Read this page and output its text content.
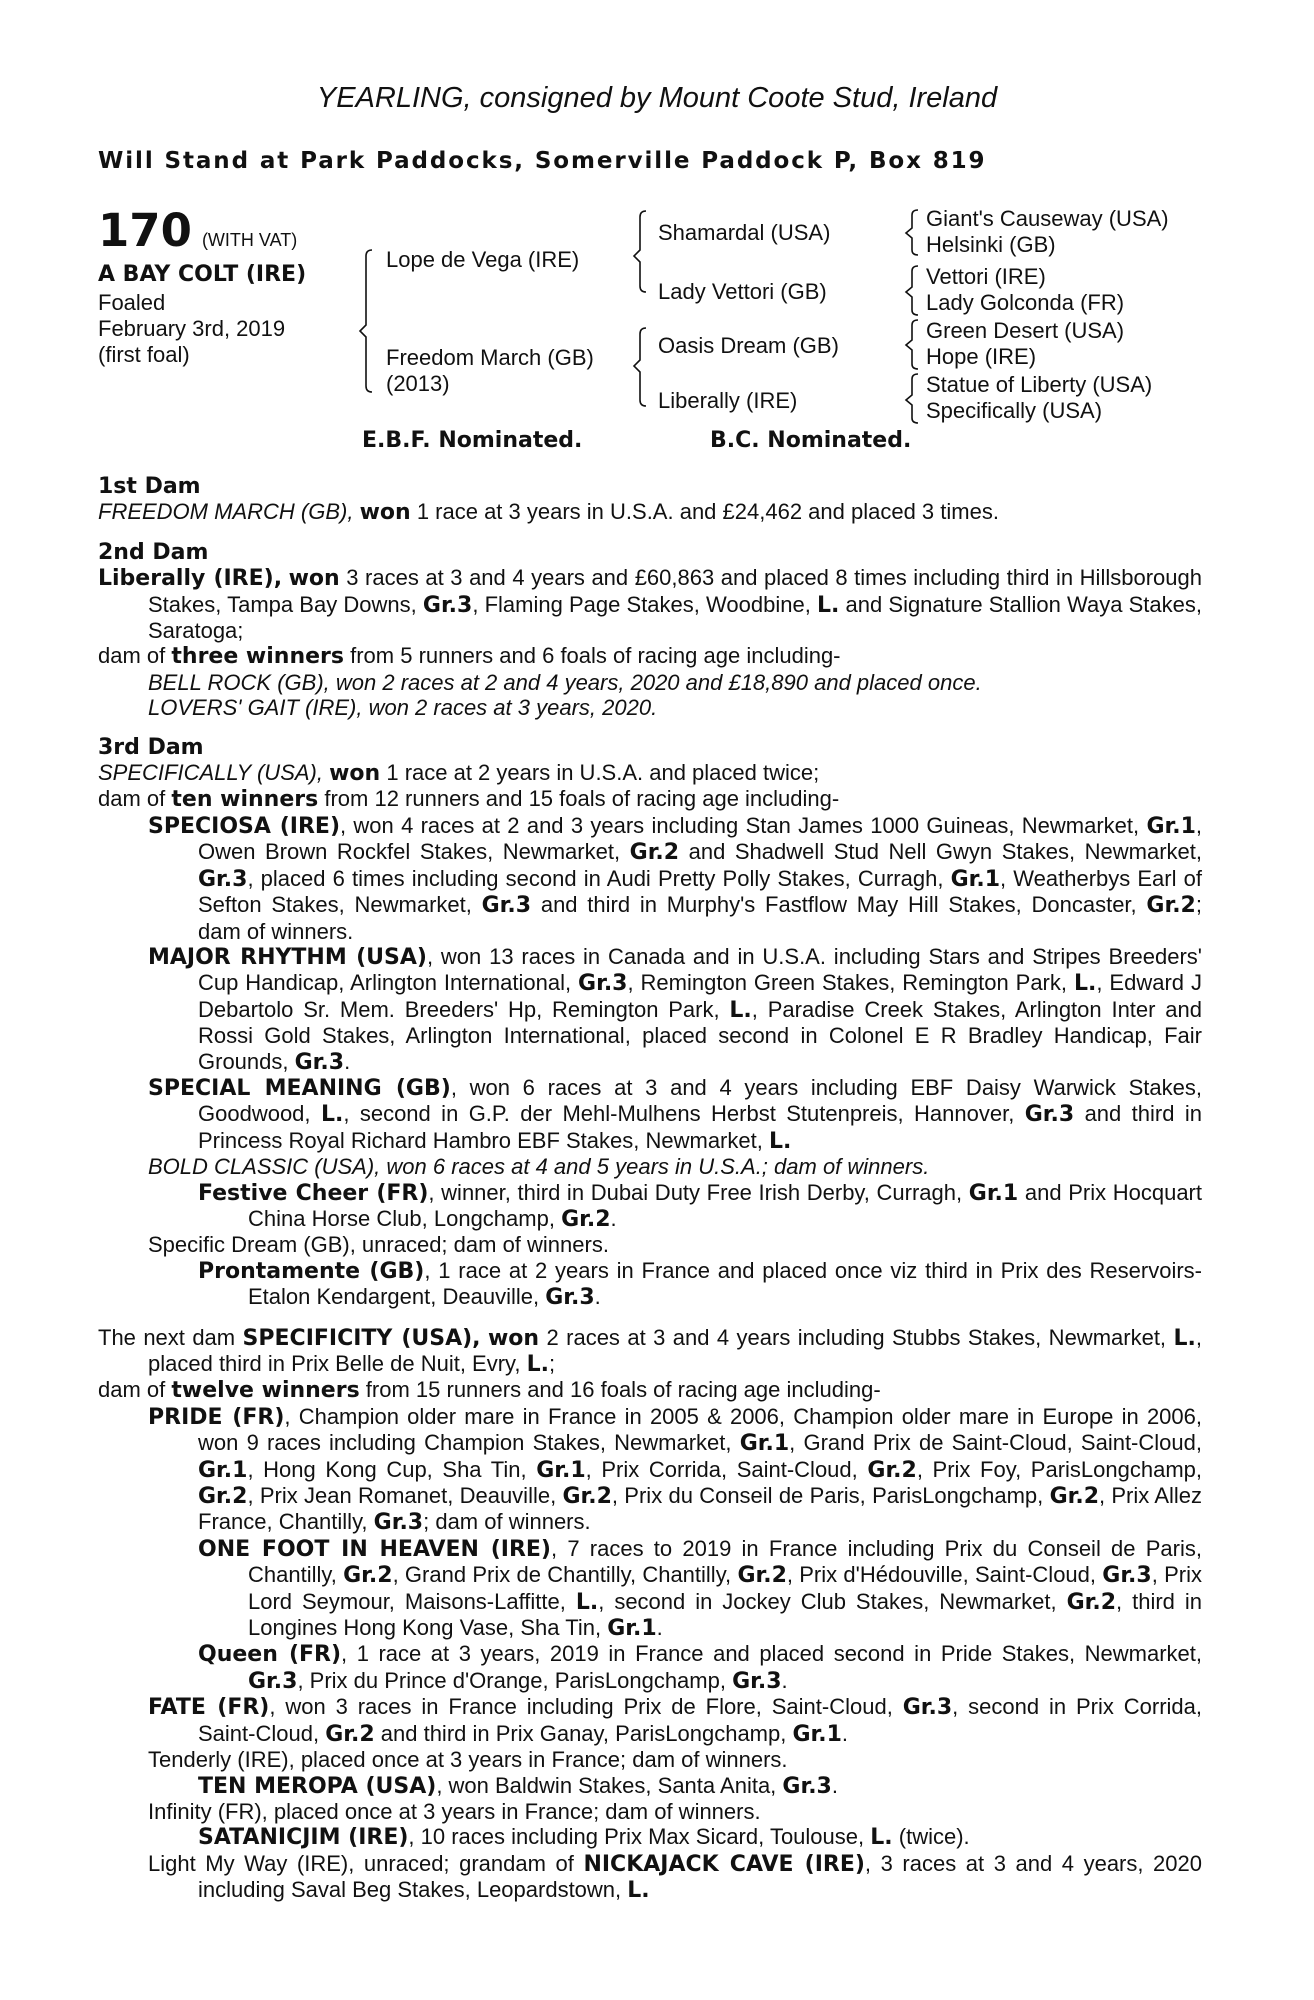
YEARLING, consigned by Mount Coote Stud, Ireland
Will Stand at Park Paddocks, Somerville Paddock P, Box 819
170 (WITH VAT)
A BAY COLT (IRE)
Foaled
February 3rd, 2019
(first foal)
Lope de Vega (IRE)
Freedom March (GB)
(2013)
Shamardal (USA)
Lady Vettori (GB)
Oasis Dream (GB)
Liberally (IRE)
Giant's Causeway (USA)
Helsinki (GB)
Vettori (IRE)
Lady Golconda (FR)
Green Desert (USA)
Hope (IRE)
Statue of Liberty (USA)
Specifically (USA)
E.B.F. Nominated.	B.C. Nominated.
1st Dam
FREEDOM MARCH (GB), won 1 race at 3 years in U.S.A. and £24,462 and placed 3 times.
2nd Dam
Liberally (IRE), won 3 races at 3 and 4 years and £60,863 and placed 8 times including third in Hillsborough Stakes, Tampa Bay Downs, Gr.3, Flaming Page Stakes, Woodbine, L. and Signature Stallion Waya Stakes, Saratoga;
dam of three winners from 5 runners and 6 foals of racing age including-
BELL ROCK (GB), won 2 races at 2 and 4 years, 2020 and £18,890 and placed once.
LOVERS' GAIT (IRE), won 2 races at 3 years, 2020.
3rd Dam
SPECIFICALLY (USA), won 1 race at 2 years in U.S.A. and placed twice;
dam of ten winners from 12 runners and 15 foals of racing age including-
SPECIOSA (IRE), won 4 races at 2 and 3 years including Stan James 1000 Guineas, Newmarket, Gr.1, Owen Brown Rockfel Stakes, Newmarket, Gr.2 and Shadwell Stud Nell Gwyn Stakes, Newmarket, Gr.3, placed 6 times including second in Audi Pretty Polly Stakes, Curragh, Gr.1, Weatherbys Earl of Sefton Stakes, Newmarket, Gr.3 and third in Murphy's Fastflow May Hill Stakes, Doncaster, Gr.2; dam of winners.
MAJOR RHYTHM (USA), won 13 races in Canada and in U.S.A. including Stars and Stripes Breeders' Cup Handicap, Arlington International, Gr.3, Remington Green Stakes, Remington Park, L., Edward J Debartolo Sr. Mem. Breeders' Hp, Remington Park, L., Paradise Creek Stakes, Arlington Inter and Rossi Gold Stakes, Arlington International, placed second in Colonel E R Bradley Handicap, Fair Grounds, Gr.3.
SPECIAL MEANING (GB), won 6 races at 3 and 4 years including EBF Daisy Warwick Stakes, Goodwood, L., second in G.P. der Mehl-Mulhens Herbst Stutenpreis, Hannover, Gr.3 and third in Princess Royal Richard Hambro EBF Stakes, Newmarket, L.
BOLD CLASSIC (USA), won 6 races at 4 and 5 years in U.S.A.; dam of winners.
Festive Cheer (FR), winner, third in Dubai Duty Free Irish Derby, Curragh, Gr.1 and Prix Hocquart China Horse Club, Longchamp, Gr.2.
Specific Dream (GB), unraced; dam of winners.
Prontamente (GB), 1 race at 2 years in France and placed once viz third in Prix des Reservoirs-Etalon Kendargent, Deauville, Gr.3.
The next dam SPECIFICITY (USA), won 2 races at 3 and 4 years including Stubbs Stakes, Newmarket, L., placed third in Prix Belle de Nuit, Evry, L.;
dam of twelve winners from 15 runners and 16 foals of racing age including-
PRIDE (FR), Champion older mare in France in 2005 & 2006, Champion older mare in Europe in 2006, won 9 races including Champion Stakes, Newmarket, Gr.1, Grand Prix de Saint-Cloud, Saint-Cloud, Gr.1, Hong Kong Cup, Sha Tin, Gr.1, Prix Corrida, Saint-Cloud, Gr.2, Prix Foy, ParisLongchamp, Gr.2, Prix Jean Romanet, Deauville, Gr.2, Prix du Conseil de Paris, ParisLongchamp, Gr.2, Prix Allez France, Chantilly, Gr.3; dam of winners.
ONE FOOT IN HEAVEN (IRE), 7 races to 2019 in France including Prix du Conseil de Paris, Chantilly, Gr.2, Grand Prix de Chantilly, Chantilly, Gr.2, Prix d'Hédouville, Saint-Cloud, Gr.3, Prix Lord Seymour, Maisons-Laffitte, L., second in Jockey Club Stakes, Newmarket, Gr.2, third in Longines Hong Kong Vase, Sha Tin, Gr.1.
Queen (FR), 1 race at 3 years, 2019 in France and placed second in Pride Stakes, Newmarket, Gr.3, Prix du Prince d'Orange, ParisLongchamp, Gr.3.
FATE (FR), won 3 races in France including Prix de Flore, Saint-Cloud, Gr.3, second in Prix Corrida, Saint-Cloud, Gr.2 and third in Prix Ganay, ParisLongchamp, Gr.1.
Tenderly (IRE), placed once at 3 years in France; dam of winners.
TEN MEROPA (USA), won Baldwin Stakes, Santa Anita, Gr.3.
Infinity (FR), placed once at 3 years in France; dam of winners.
SATANICJIM (IRE), 10 races including Prix Max Sicard, Toulouse, L. (twice).
Light My Way (IRE), unraced; grandam of NICKAJACK CAVE (IRE), 3 races at 3 and 4 years, 2020 including Saval Beg Stakes, Leopardstown, L.
